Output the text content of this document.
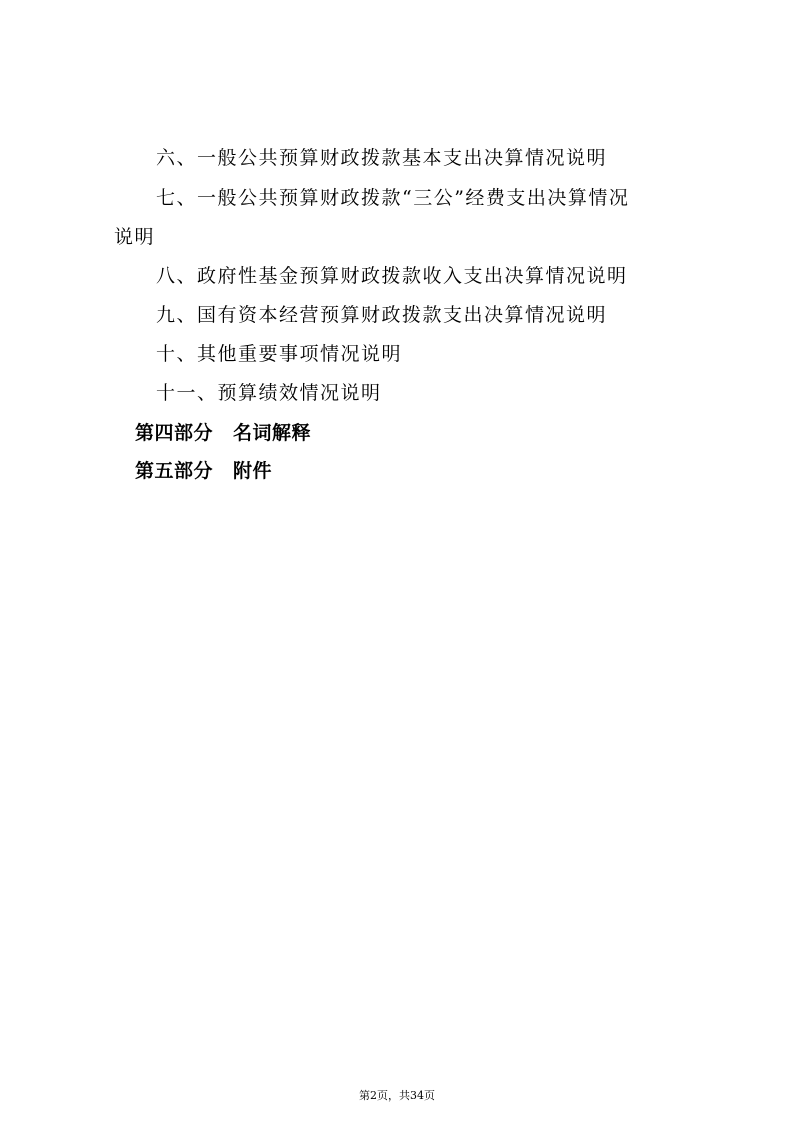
六、一般公共预算财政拨款基本支出决算情况说明
七、一般公共预算财政拨款“三公”经费支出决算情况
说明
八、政府性基金预算财政拨款收入支出决算情况说明
九、国有资本经营预算财政拨款支出决算情况说明
十、其他重要事项情况说明
十一、预算绩效情况说明
第四部分 名词解释
第五部分 附件
第2页，共34页
